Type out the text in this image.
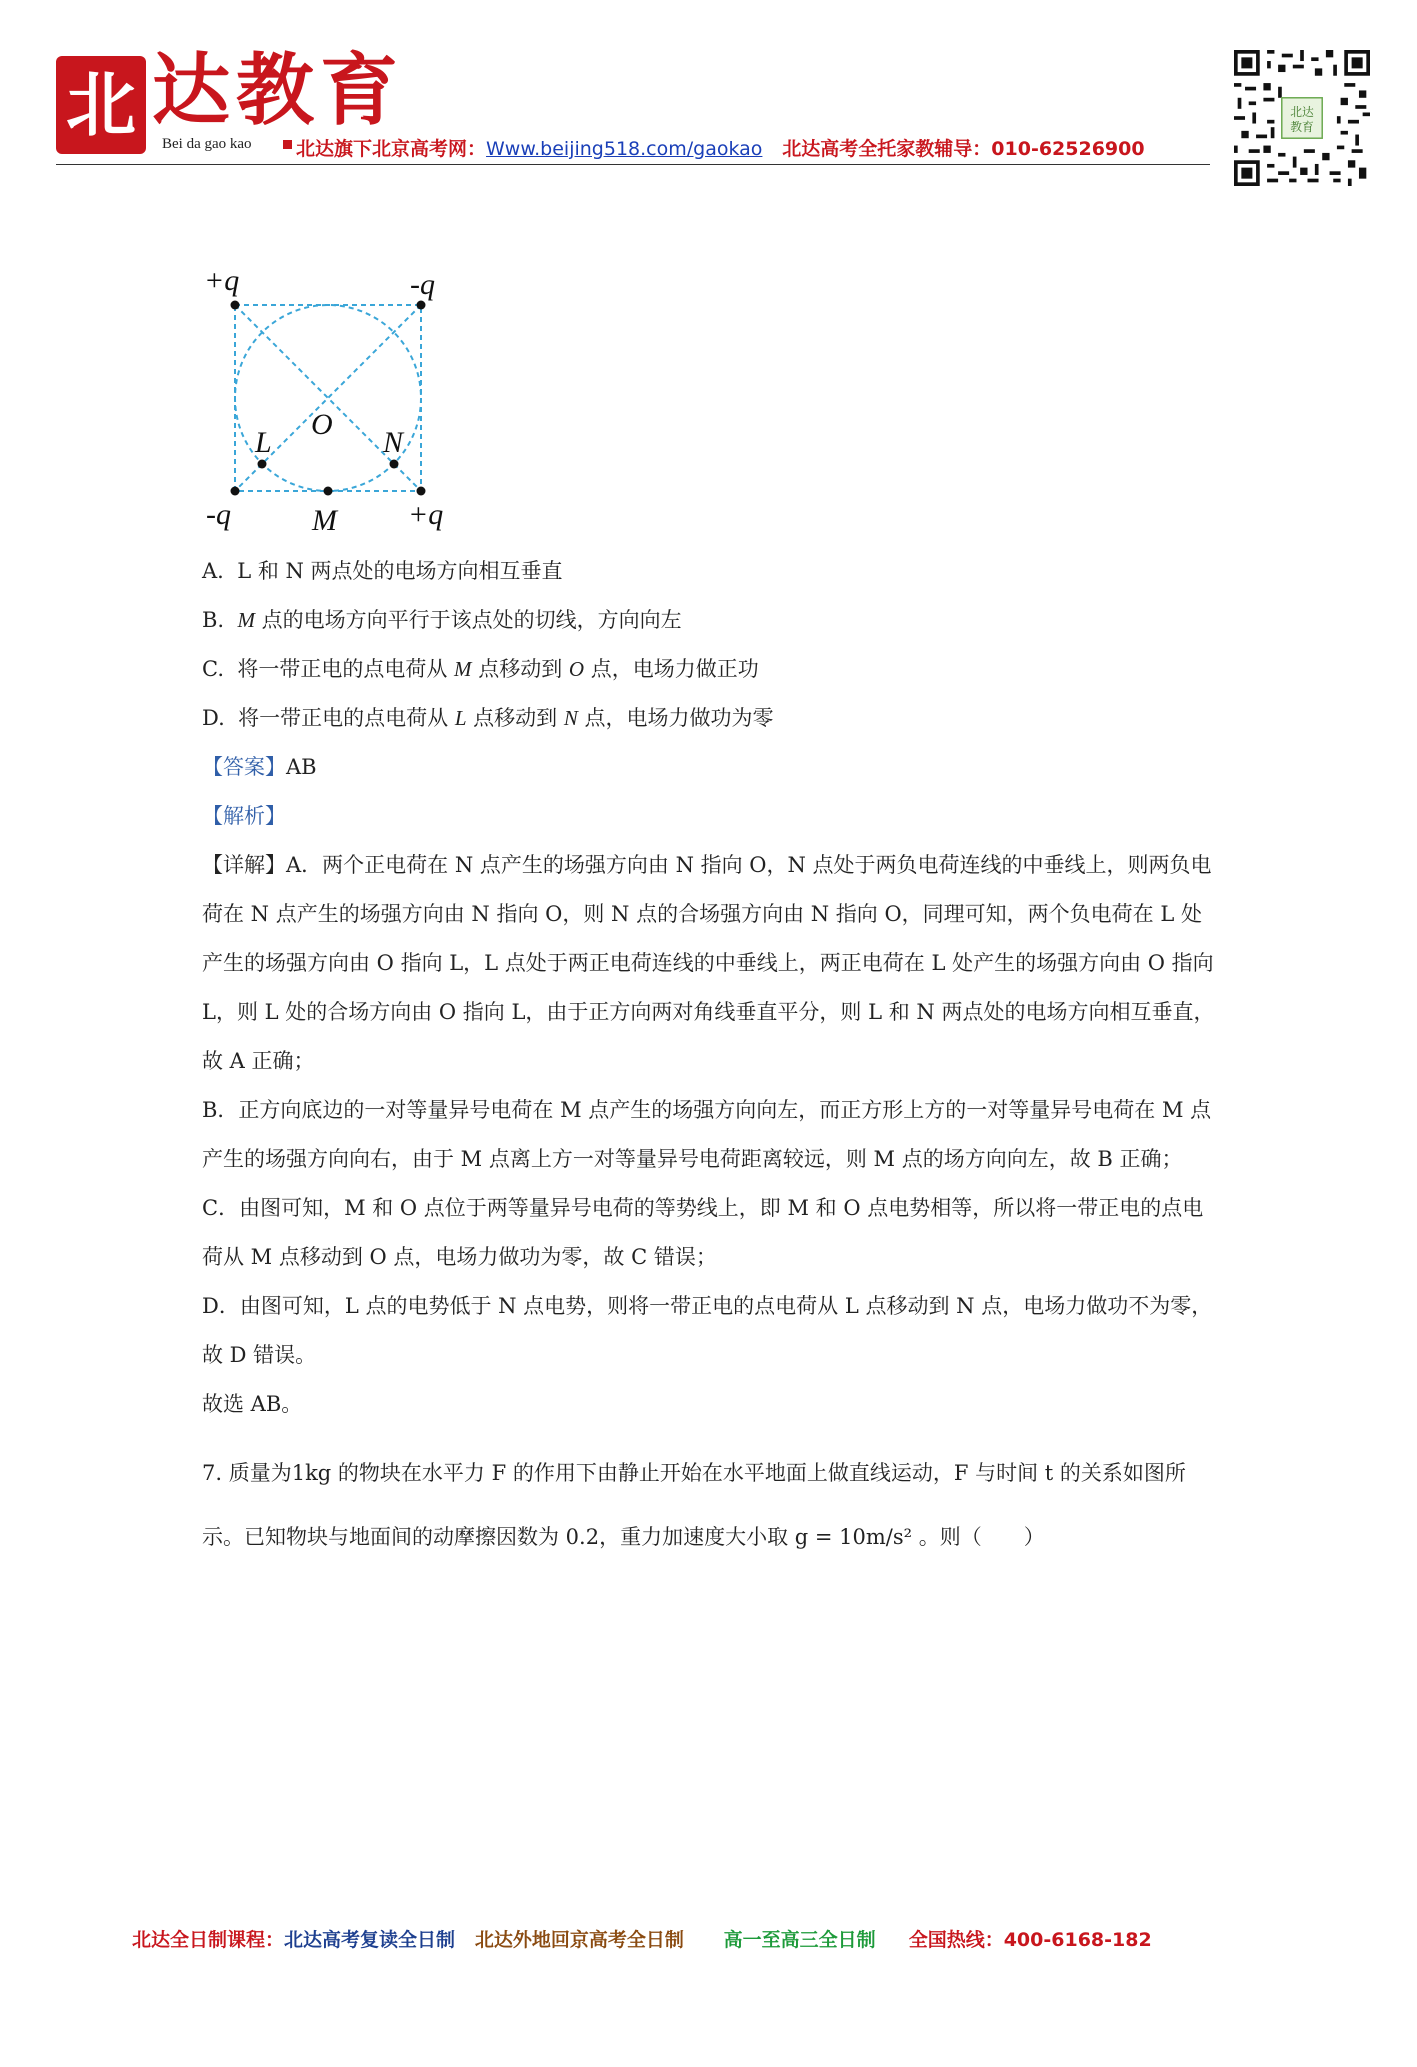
北 达教育
Bei da gao kao 北达旗下北京高考网：Www.beijing518.com/gaokao 北达高考全托家教辅导：010-62526900
北达
教育
+q	-q
-q	+q
O
L	N
M
A. L 和 N 两点处的电场方向相互垂直
B. M 点的电场方向平行于该点处的切线，方向向左
C. 将一带正电的点电荷从 M 点移动到 O 点，电场力做正功
D. 将一带正电的点电荷从 L 点移动到 N 点，电场力做功为零
【答案】AB
【解析】
【详解】A．两个正电荷在 N 点产生的场强方向由 N 指向 O，N 点处于两负电荷连线的中垂线上，则两负电荷在 N 点产生的场强方向由 N 指向 O，则 N 点的合场强方向由 N 指向 O，同理可知，两个负电荷在 L 处产生的场强方向由 O 指向 L，L 点处于两正电荷连线的中垂线上，两正电荷在 L 处产生的场强方向由 O 指向 L，则 L 处的合场方向由 O 指向 L，由于正方向两对角线垂直平分，则 L 和 N 两点处的电场方向相互垂直，故 A 正确；
B．正方向底边的一对等量异号电荷在 M 点产生的场强方向向左，而正方形上方的一对等量异号电荷在 M 点产生的场强方向向右，由于 M 点离上方一对等量异号电荷距离较远，则 M 点的场方向向左，故 B 正确；
C．由图可知，M 和 O 点位于两等量异号电荷的等势线上，即 M 和 O 点电势相等，所以将一带正电的点电荷从 M 点移动到 O 点，电场力做功为零，故 C 错误；
D．由图可知，L 点的电势低于 N 点电势，则将一带正电的点电荷从 L 点移动到 N 点，电场力做功不为零，故 D 错误。
故选 AB。
7. 质量为1kg 的物块在水平力 F 的作用下由静止开始在水平地面上做直线运动，F 与时间 t 的关系如图所
示。已知物块与地面间的动摩擦因数为 0.2，重力加速度大小取 g = 10m/s² 。则（　　）
北达全日制课程：北达高考复读全日制 北达外地回京高考全日制 高一至高三全日制 全国热线：400-6168-182
